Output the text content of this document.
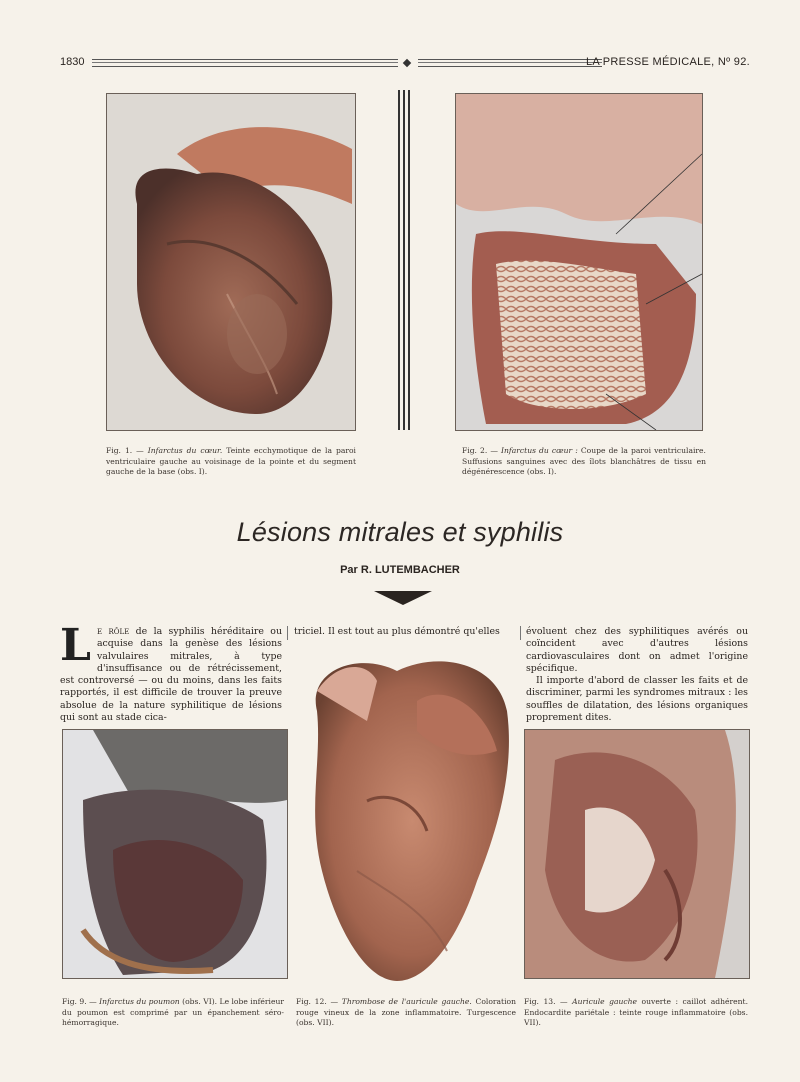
1830	LA PRESSE MÉDICALE, Nº 92.
Fig. 1. — Infarctus du cœur. Teinte ecchymotique de la paroi ventriculaire gauche au voisinage de la pointe et du segment gauche de la base (obs. I).
Fig. 2. — Infarctus du cœur : Coupe de la paroi ventriculaire. Suffusions sanguines avec des îlots blanchâtres de tissu en dégénérescence (obs. I).
Lésions mitrales et syphilis
Par R. LUTEMBACHER
Le rôle de la syphilis héréditaire ou acquise dans la genèse des lésions valvulaires mitrales, à type d'insuffisance ou de rétrécissement, est controversé — ou du moins, dans les faits rapportés, il est difficile de trouver la preuve absolue de la nature syphilitique de lésions qui sont au stade cica-
triciel. Il est tout au plus démontré qu'elles	évoluent chez des syphilitiques avérés ou coïncident avec d'autres lésions cardiovasculaires dont on admet l'origine spécifique.
Il importe d'abord de classer les faits et de discriminer, parmi les syndromes mitraux : les souffles de dilatation, des lésions organiques proprement dites.
Fig. 9. — Infarctus du poumon (obs. VI). Le lobe inférieur du poumon est comprimé par un épanchement séro-hémorragique.
Fig. 12. — Thrombose de l'auricule gauche. Coloration rouge vineux de la zone inflammatoire. Turgescence (obs. VII).
Fig. 13. — Auricule gauche ouverte : caillot adhérent. Endocardite pariétale : teinte rouge inflammatoire (obs. VII).
